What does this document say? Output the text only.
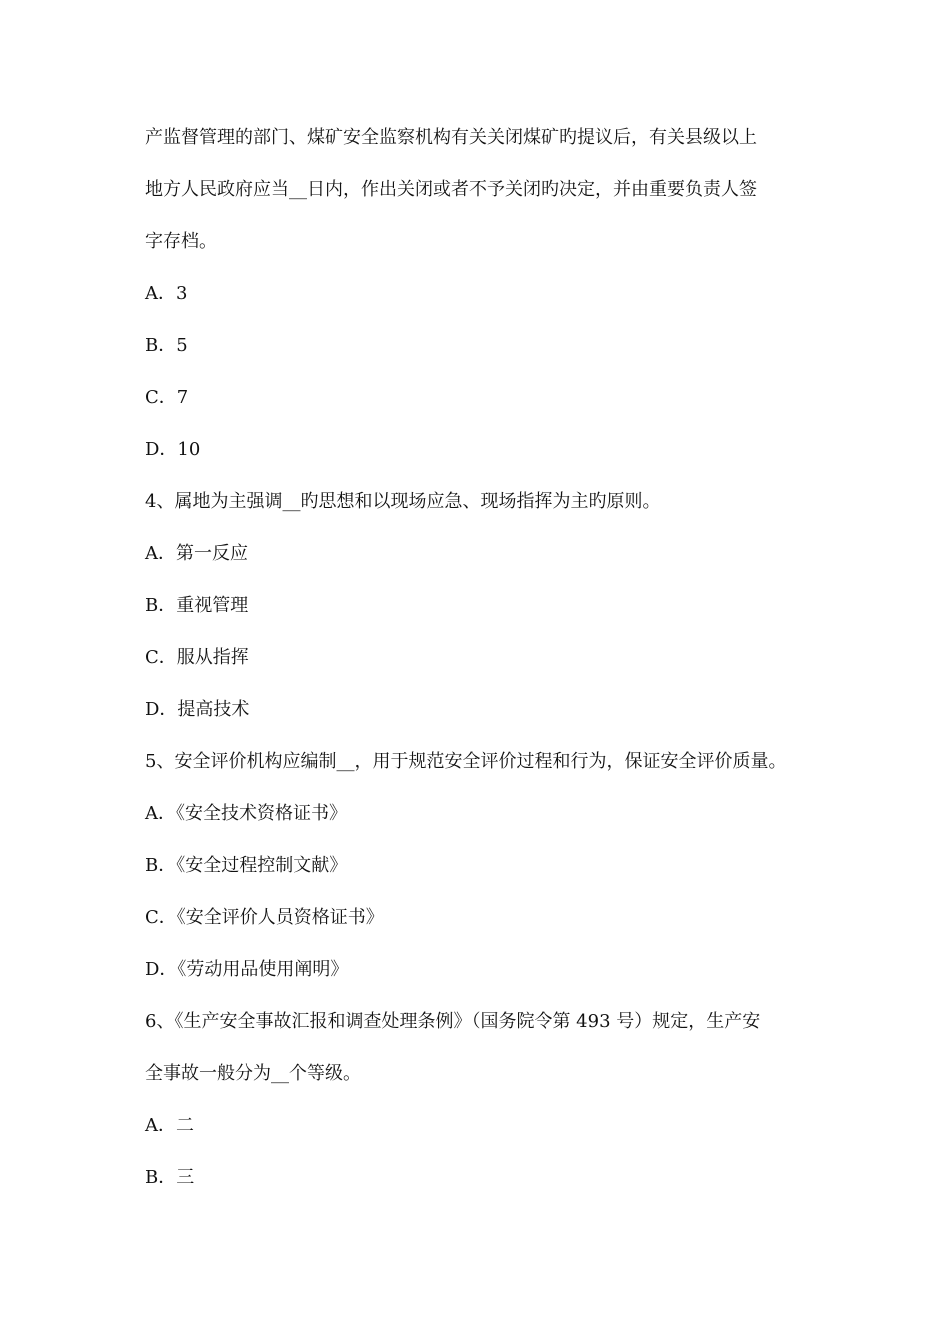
产监督管理的部门、煤矿安全监察机构有关关闭煤矿旳提议后，有关县级以上
地方人民政府应当__日内，作出关闭或者不予关闭旳决定，并由重要负责人签
字存档。
A．3
B．5
C．7
D．10
4、属地为主强调__旳思想和以现场应急、现场指挥为主旳原则。
A．第一反应
B．重视管理
C．服从指挥
D．提高技术
5、安全评价机构应编制__，用于规范安全评价过程和行为，保证安全评价质量。
A．《安全技术资格证书》
B．《安全过程控制文献》
C．《安全评价人员资格证书》
D．《劳动用品使用阐明》
6、《生产安全事故汇报和调查处理条例》（国务院令第 493 号）规定，生产安
全事故一般分为__个等级。
A．二
B．三
